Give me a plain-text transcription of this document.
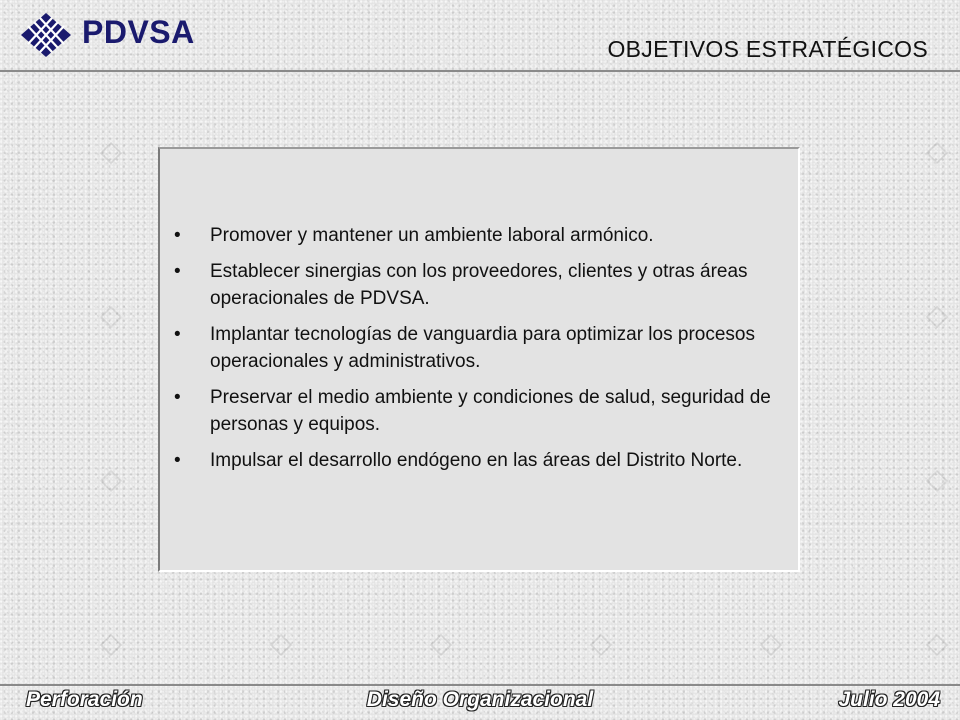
PDVSA	OBJETIVOS ESTRATÉGICOS
• Promover y mantener un ambiente laboral armónico.
• Establecer sinergias con los proveedores, clientes y otras áreas operacionales de PDVSA.
• Implantar tecnologías de vanguardia para optimizar los procesos operacionales y administrativos.
• Preservar el medio ambiente y condiciones de salud, seguridad de personas y equipos.
• Impulsar el desarrollo endógeno en las áreas del Distrito Norte.
Perforación	Diseño Organizacional	Julio 2004
